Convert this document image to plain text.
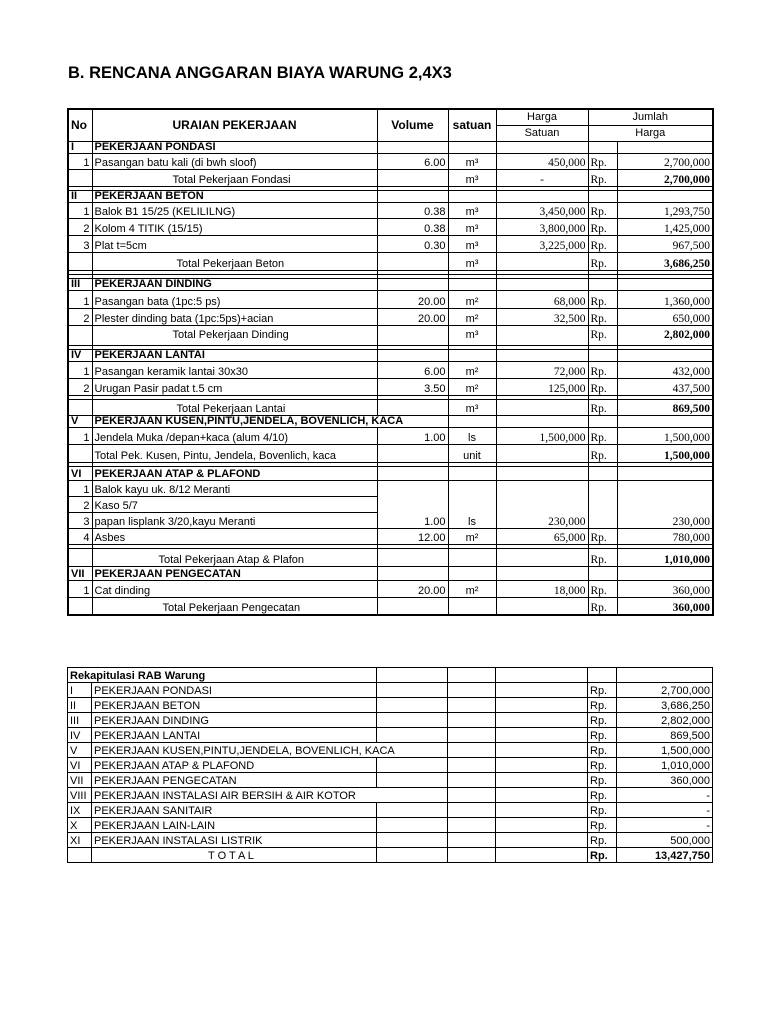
B. RENCANA ANGGARAN BIAYA WARUNG 2,4X3
No	URAIAN PEKERJAAN	Volume	satuan	Harga	Jumlah	
				Satuan	Harga	
I	PEKERJAAN PONDASI					
1	Pasangan batu kali (di bwh sloof)	6.00	m³	450,000	Rp.	2,700,000
	Total Pekerjaan Fondasi		m³	-	Rp.	2,700,000

II	PEKERJAAN BETON					
1	Balok B1 15/25 (KELILILNG)	0.38	m³	3,450,000	Rp.	1,293,750
2	Kolom 4 TITIK (15/15)	0.38	m³	3,800,000	Rp.	1,425,000
3	Plat t=5cm	0.30	m³	3,225,000	Rp.	967,500
	Total Pekerjaan Beton		m³		Rp.	3,686,250

III	PEKERJAAN DINDING					
1	Pasangan bata (1pc:5 ps)	20.00	m²	68,000	Rp.	1,360,000
2	Plester dinding bata (1pc:5ps)+acian	20.00	m²	32,500	Rp.	650,000
	Total Pekerjaan Dinding		m³		Rp.	2,802,000

IV	PEKERJAAN LANTAI					
1	Pasangan keramik lantai 30x30	6.00	m²	72,000	Rp.	432,000
2	Urugan Pasir padat t.5 cm	3.50	m²	125,000	Rp.	437,500

	Total Pekerjaan Lantai		m³		Rp.	869,500
V	PEKERJAAN KUSEN,PINTU,JENDELA, BOVENLICH, KACA					
1	Jendela Muka /depan+kaca (alum 4/10)	1.00	ls	1,500,000	Rp.	1,500,000
	Total Pek. Kusen, Pintu, Jendela, Bovenlich, kaca		unit		Rp.	1,500,000

VI	PEKERJAAN ATAP & PLAFOND					
1	Balok kayu uk. 8/12 Meranti	1.00	ls	230,000		230,000
2	Kaso 5/7					
3	papan lisplank 3/20,kayu Meranti					
4	Asbes	12.00	m²	65,000	Rp.	780,000

	Total Pekerjaan Atap & Plafon				Rp.	1,010,000
VII	PEKERJAAN PENGECATAN					
1	Cat dinding	20.00	m²	18,000	Rp.	360,000
	Total Pekerjaan Pengecatan				Rp.	360,000
Rekapitulasi RAB Warung						
I	PEKERJAAN PONDASI				Rp.	2,700,000
II	PEKERJAAN BETON				Rp.	3,686,250
III	PEKERJAAN DINDING				Rp.	2,802,000
IV	PEKERJAAN LANTAI				Rp.	869,500
V	PEKERJAAN KUSEN,PINTU,JENDELA, BOVENLICH, KACA				Rp.	1,500,000
VI	PEKERJAAN ATAP & PLAFOND				Rp.	1,010,000
VII	PEKERJAAN PENGECATAN				Rp.	360,000
VIII	PEKERJAAN INSTALASI AIR BERSIH & AIR KOTOR				Rp.	-
IX	PEKERJAAN SANITAIR				Rp.	-
X	PEKERJAAN LAIN-LAIN				Rp.	-
XI	PEKERJAAN INSTALASI LISTRIK				Rp.	500,000
	T O T A L				Rp.	13,427,750
